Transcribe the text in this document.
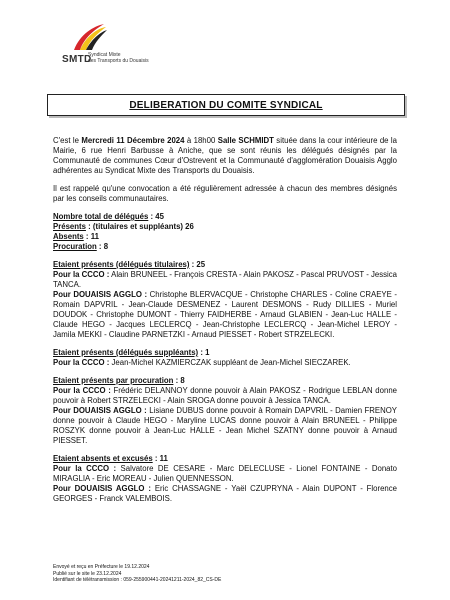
SMTD
Syndicat Mixte
des Transports du Douaisis
DELIBERATION DU COMITE SYNDICAL

C'est le Mercredi 11 Décembre 2024 à 18h00 Salle SCHMIDT située dans la cour intérieure de la Mairie, 6 rue Henri Barbusse à Aniche, que se sont réunis les délégués désignés par la Communauté de communes Cœur d'Ostrevent et la Communauté d'agglomération Douaisis Agglo adhérentes au Syndicat Mixte des Transports du Douaisis.

Il est rappelé qu'une convocation a été régulièrement adressée à chacun des membres désignés par les conseils communautaires.

Nombre total de délégués : 45

Présents : (titulaires et suppléants) 26

Absents : 11

Procuration : 8

Etaient présents (délégués titulaires) : 25

Pour la CCCO : Alain BRUNEEL - François CRESTA - Alain PAKOSZ - Pascal PRUVOST - Jessica TANCA.

Pour DOUAISIS AGGLO : Christophe BLERVACQUE - Christophe CHARLES - Coline CRAEYE - Romain DAPVRIL - Jean-Claude DESMENEZ - Laurent DESMONS - Rudy DILLIES - Muriel DOUDOK - Christophe DUMONT - Thierry FAIDHERBE - Arnaud GLABIEN - Jean-Luc HALLE - Claude HEGO - Jacques LECLERCQ - Jean-Christophe LECLERCQ - Jean-Michel LEROY - Jamila MEKKI - Claudine PARNETZKI - Arnaud PIESSET - Robert STRZELECKI.

Etaient présents (délégués suppléants) : 1

Pour la CCCO : Jean-Michel KAZMIERCZAK suppléant de Jean-Michel SIECZAREK.

Etaient présents par procuration : 8

Pour la CCCO : Frédéric DELANNOY donne pouvoir à Alain PAKOSZ - Rodrigue LEBLAN donne pouvoir à Robert STRZELECKI - Alain SROGA donne pouvoir à Jessica TANCA.

Pour DOUAISIS AGGLO : Lisiane DUBUS donne pouvoir à Romain DAPVRIL - Damien FRENOY donne pouvoir à Claude HEGO - Maryline LUCAS donne pouvoir à Alain BRUNEEL - Philippe ROSZYK donne pouvoir à Jean-Luc HALLE - Jean Michel SZATNY donne pouvoir à Arnaud PIESSET.

Etaient absents et excusés : 11

Pour la CCCO : Salvatore DE CESARE - Marc DELECLUSE - Lionel FONTAINE - Donato MIRAGLIA - Eric MOREAU - Julien QUENNESSON.

Pour DOUAISIS AGGLO : Eric CHASSAGNE - Yaël CZUPRYNA - Alain DUPONT - Florence GEORGES - Franck VALEMBOIS.

Envoyé et reçu en Préfecture le 19.12.2024
Publié sur le site le 23.12.2024
Identifiant de télétransmission : 059-255900441-20241211-2024_82_CS-DE
